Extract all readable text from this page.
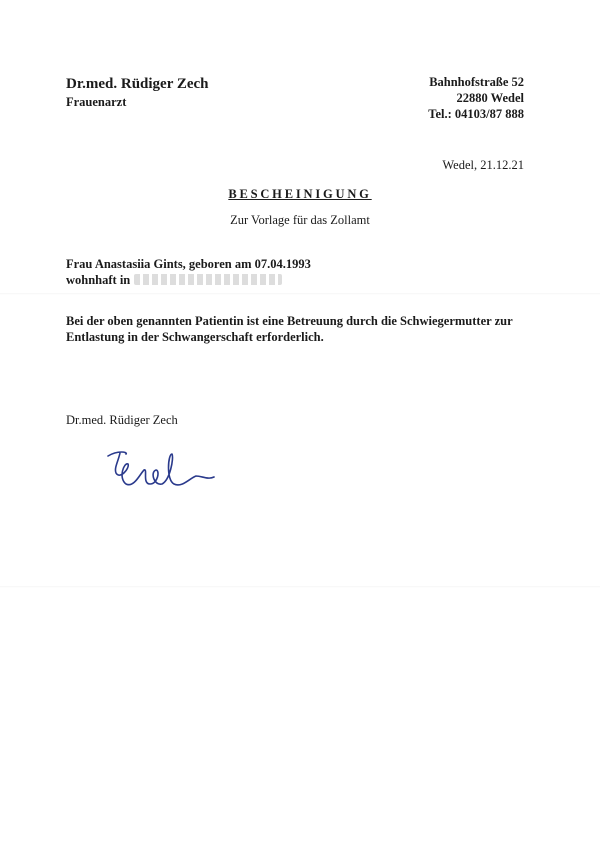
Dr.med. Rüdiger Zech
Frauenarzt
Bahnhofstraße 52
22880 Wedel
Tel.: 04103/87 888
Wedel, 21.12.21
BESCHEINIGUNG
Zur Vorlage für das Zollamt
Frau Anastasiia Gints, geboren am 07.04.1993
wohnhaft in
Bei der oben genannten Patientin ist eine Betreuung durch die Schwiegermutter zur Entlastung in der Schwangerschaft erforderlich.
Dr.med. Rüdiger Zech
